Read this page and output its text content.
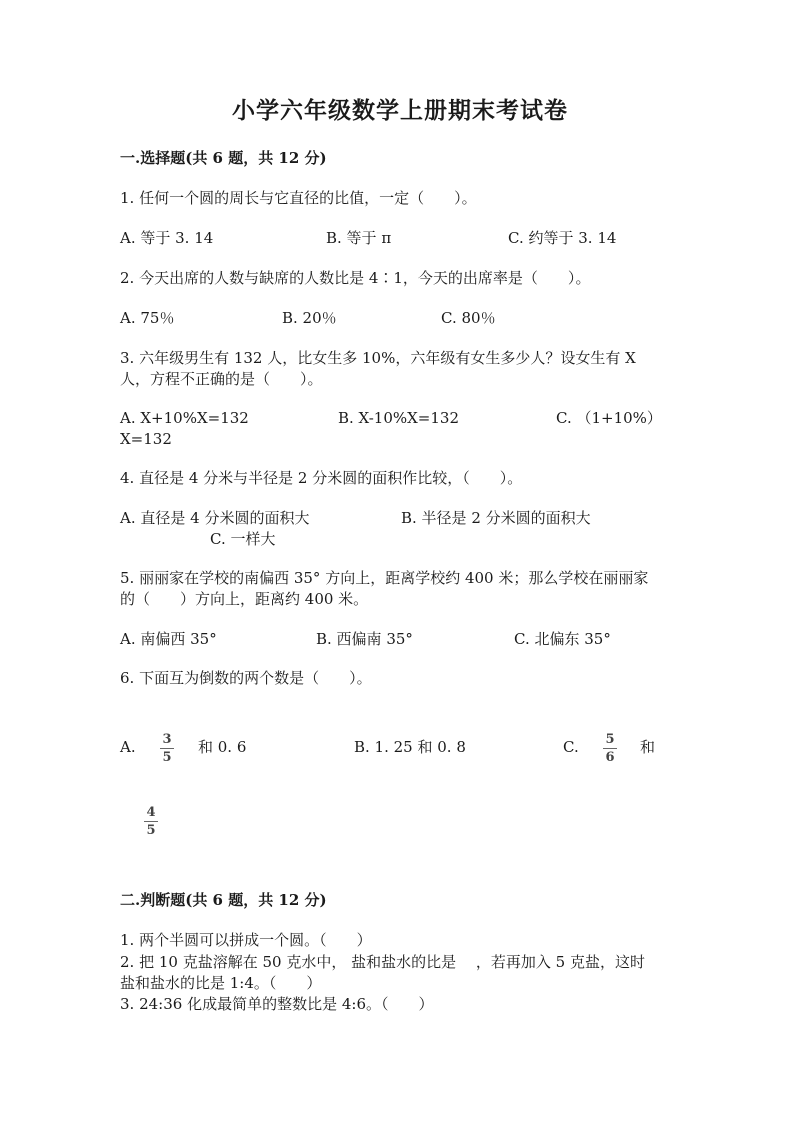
小学六年级数学上册期末考试卷
一.选择题(共 6 题，共 12 分)
1. 任何一个圆的周长与它直径的比值，一定（　　）。
A. 等于 3. 14	B. 等于 π	C. 约等于 3. 14
2. 今天出席的人数与缺席的人数比是 4∶1，今天的出席率是（　　）。
A. 75％	B. 20％	C. 80％
3. 六年级男生有 132 人，比女生多 10%，六年级有女生多少人？设女生有 X
人，方程不正确的是（　　）。
A. X+10%X=132	B. X-10%X=132	C. （1+10%）
X=132
4. 直径是 4 分米与半径是 2 分米圆的面积作比较，（　　）。
A. 直径是 4 分米圆的面积大	B. 半径是 2 分米圆的面积大
C. 一样大
5. 丽丽家在学校的南偏西 35° 方向上，距离学校约 400 米；那么学校在丽丽家
的（　　）方向上，距离约 400 米。
A. 南偏西 35°	B. 西偏南 35°	C. 北偏东 35°
6. 下面互为倒数的两个数是（　　）。
A. 3
5
和 0. 6	B. 1. 25 和 0. 8	C. 5
6
和
4
5
二.判断题(共 6 题，共 12 分)
1. 两个半圆可以拼成一个圆。（　　）
2. 把 10 克盐溶解在 50 克水中， 盐和盐水的比是　 ，若再加入 5 克盐，这时
盐和盐水的比是 1:4。（　　）
3. 24:36 化成最简单的整数比是 4:6。（　　）
